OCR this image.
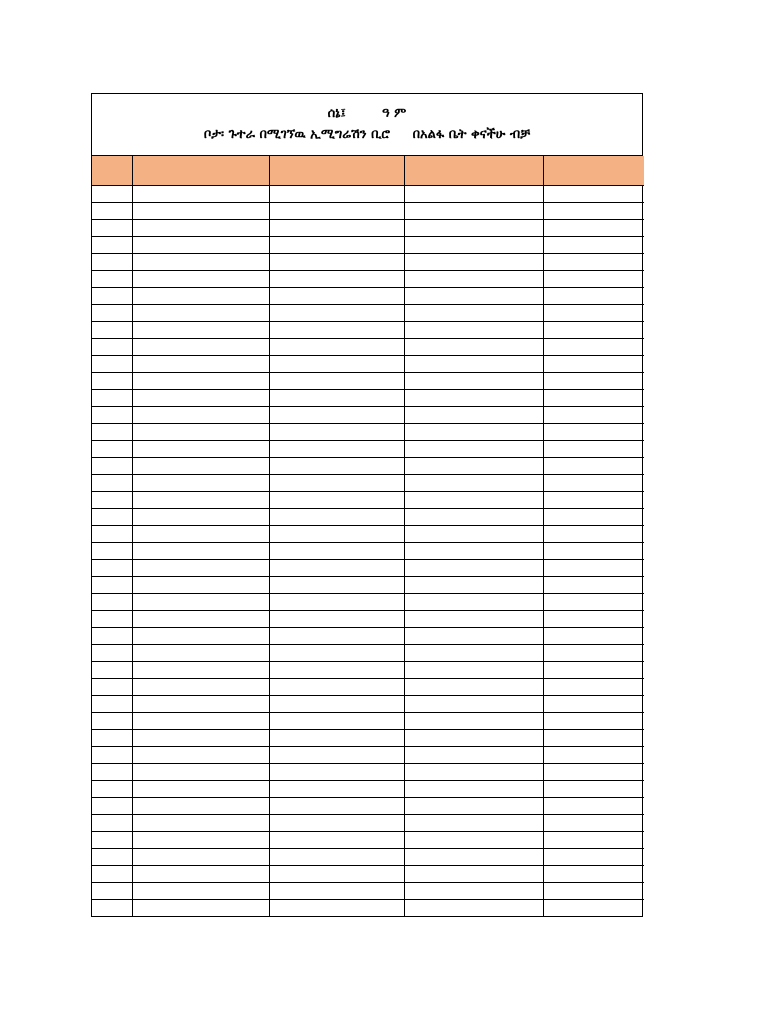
ሰኔ፤        ዓ ም
ቦታ፡ ጉተራ በሚገኘዉ ኢሚግሬሽን ቢሮ     በአልፋ ቤት ቀናችሁ ብቻ
